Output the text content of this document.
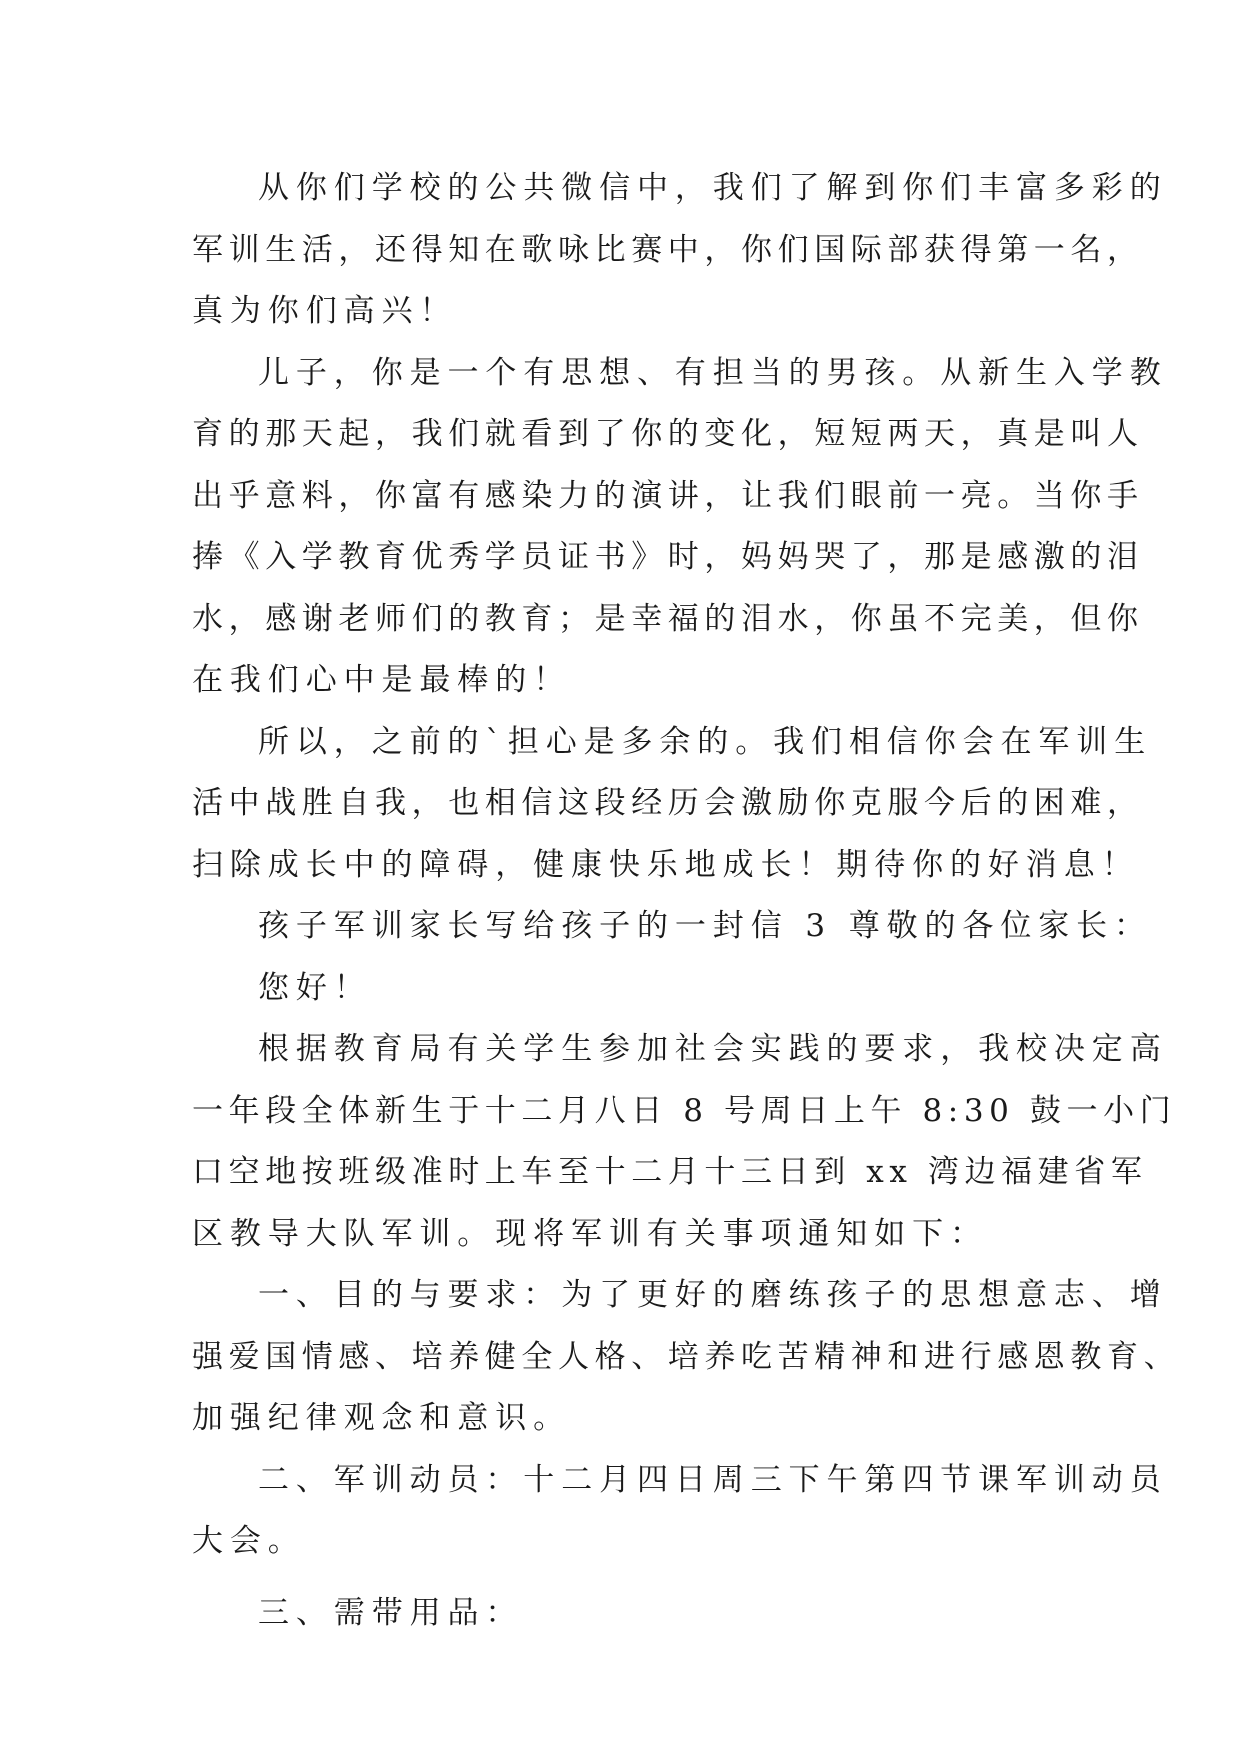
从你们学校的公共微信中，我们了解到你们丰富多彩的
军训生活，还得知在歌咏比赛中，你们国际部获得第一名，
真为你们高兴！
儿子，你是一个有思想、有担当的男孩。从新生入学教
育的那天起，我们就看到了你的变化，短短两天，真是叫人
出乎意料，你富有感染力的演讲，让我们眼前一亮。当你手
捧《入学教育优秀学员证书》时，妈妈哭了，那是感激的泪
水，感谢老师们的教育；是幸福的泪水，你虽不完美，但你
在我们心中是最棒的！
所以，之前的`担心是多余的。我们相信你会在军训生
活中战胜自我，也相信这段经历会激励你克服今后的困难，
扫除成长中的障碍，健康快乐地成长！期待你的好消息！
孩子军训家长写给孩子的一封信 3 尊敬的各位家长：
您好！
根据教育局有关学生参加社会实践的要求，我校决定高
一年段全体新生于十二月八日 8 号周日上午 8:30 鼓一小门
口空地按班级准时上车至十二月十三日到 xx 湾边福建省军
区教导大队军训。现将军训有关事项通知如下：
一、目的与要求：为了更好的磨练孩子的思想意志、增
强爱国情感、培养健全人格、培养吃苦精神和进行感恩教育、
加强纪律观念和意识。
二、军训动员：十二月四日周三下午第四节课军训动员
大会。
三、需带用品：
